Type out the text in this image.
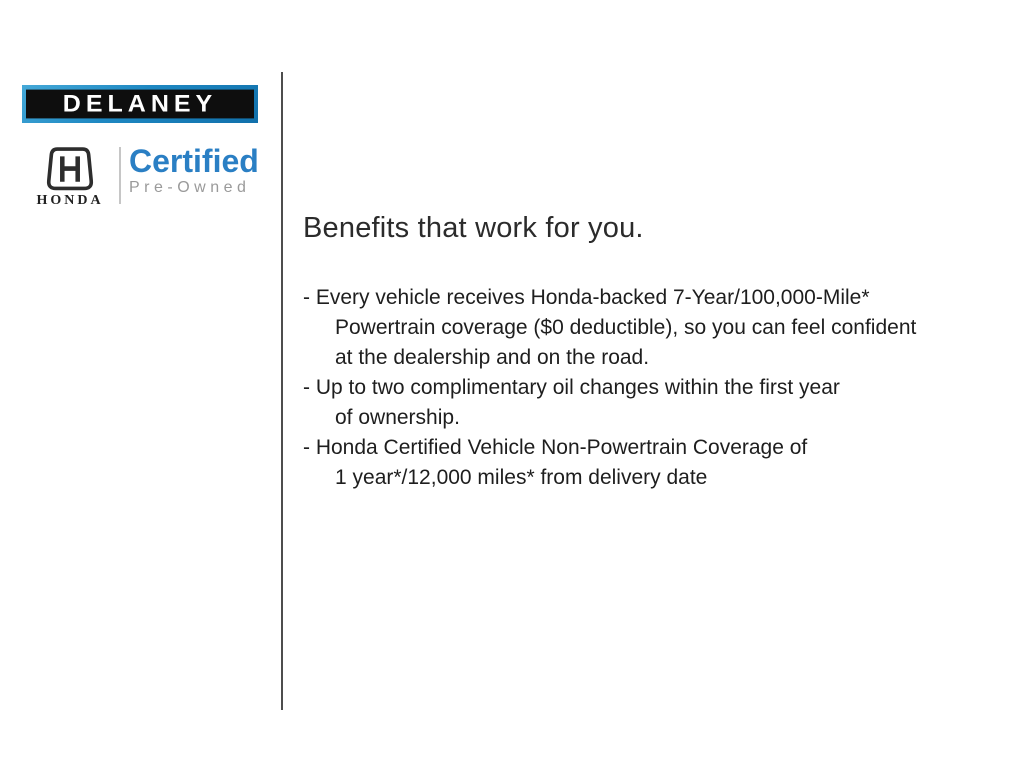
DELANEY
HONDA
Certified
Pre-Owned
Benefits that work for you.
- Every vehicle receives Honda-backed 7-Year/100,000-Mile*
Powertrain coverage ($0 deductible), so you can feel confident
at the dealership and on the road.
- Up to two complimentary oil changes within the first year
of ownership.
- Honda Certified Vehicle Non-Powertrain Coverage of
1 year*/12,000 miles* from delivery date
